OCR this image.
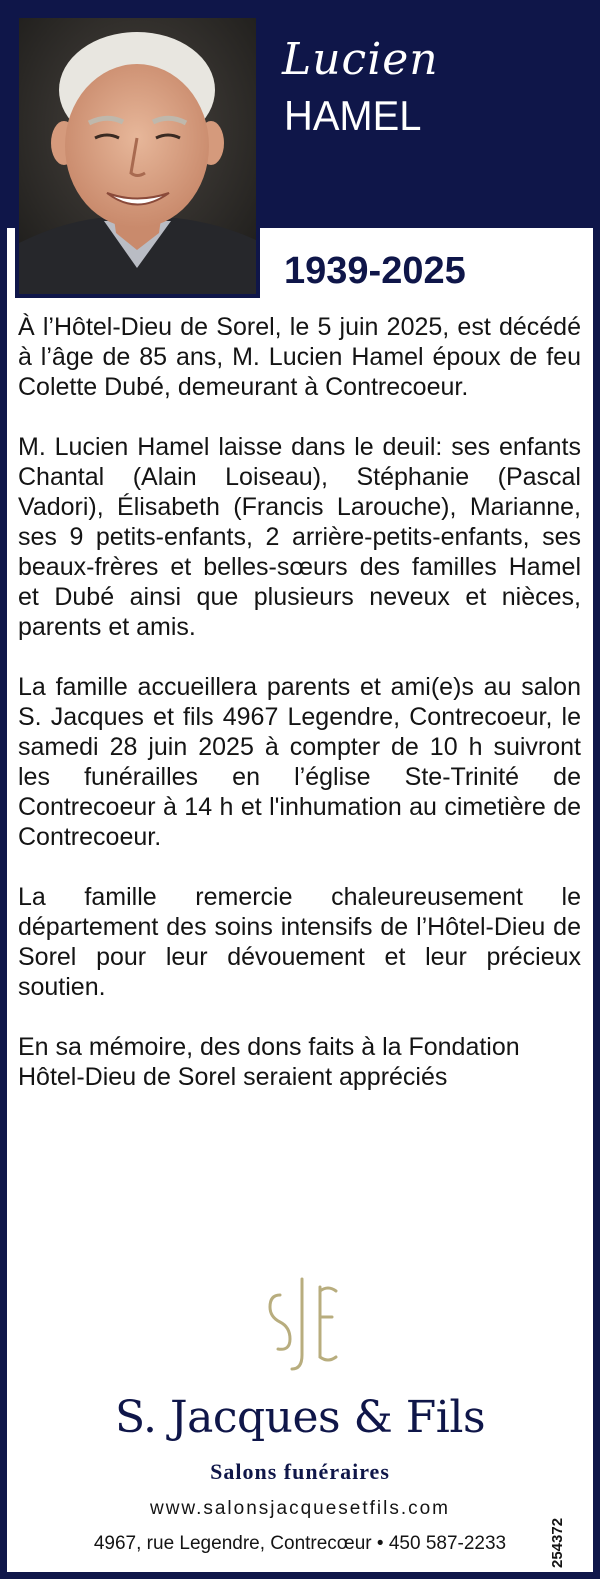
Lucien
HAMEL
1939-2025

À l’Hôtel-Dieu de Sorel, le 5 juin 2025, est décédé à l’âge de 85 ans, M. Lucien Hamel époux de feu Colette Dubé, demeurant à Contrecoeur.

M. Lucien Hamel laisse dans le deuil: ses enfants Chantal (Alain Loiseau), Stéphanie (Pascal Vadori), Élisabeth (Francis Larouche), Marianne, ses 9 petits-enfants, 2 arrière-petits-enfants, ses beaux-frères et belles-sœurs des familles Hamel et Dubé ainsi que plusieurs neveux et nièces, parents et amis.

La famille accueillera parents et ami(e)s au salon S. Jacques et fils 4967 Legendre, Contrecoeur, le samedi 28 juin 2025 à compter de 10 h suivront les funérailles en l’église Ste-Trinité de Contrecoeur à 14 h et l'inhumation au cimetière de Contrecoeur.

La famille remercie chaleureusement le département des soins intensifs de l’Hôtel-Dieu de Sorel pour leur dévouement et leur précieux soutien.

En sa mémoire, des dons faits à la Fondation Hôtel-Dieu de Sorel seraient appréciés

S. Jacques & Fils
Salons funéraires
www.salonsjacquesetfils.com
4967, rue Legendre, Contrecœur • 450 587-2233	254372
